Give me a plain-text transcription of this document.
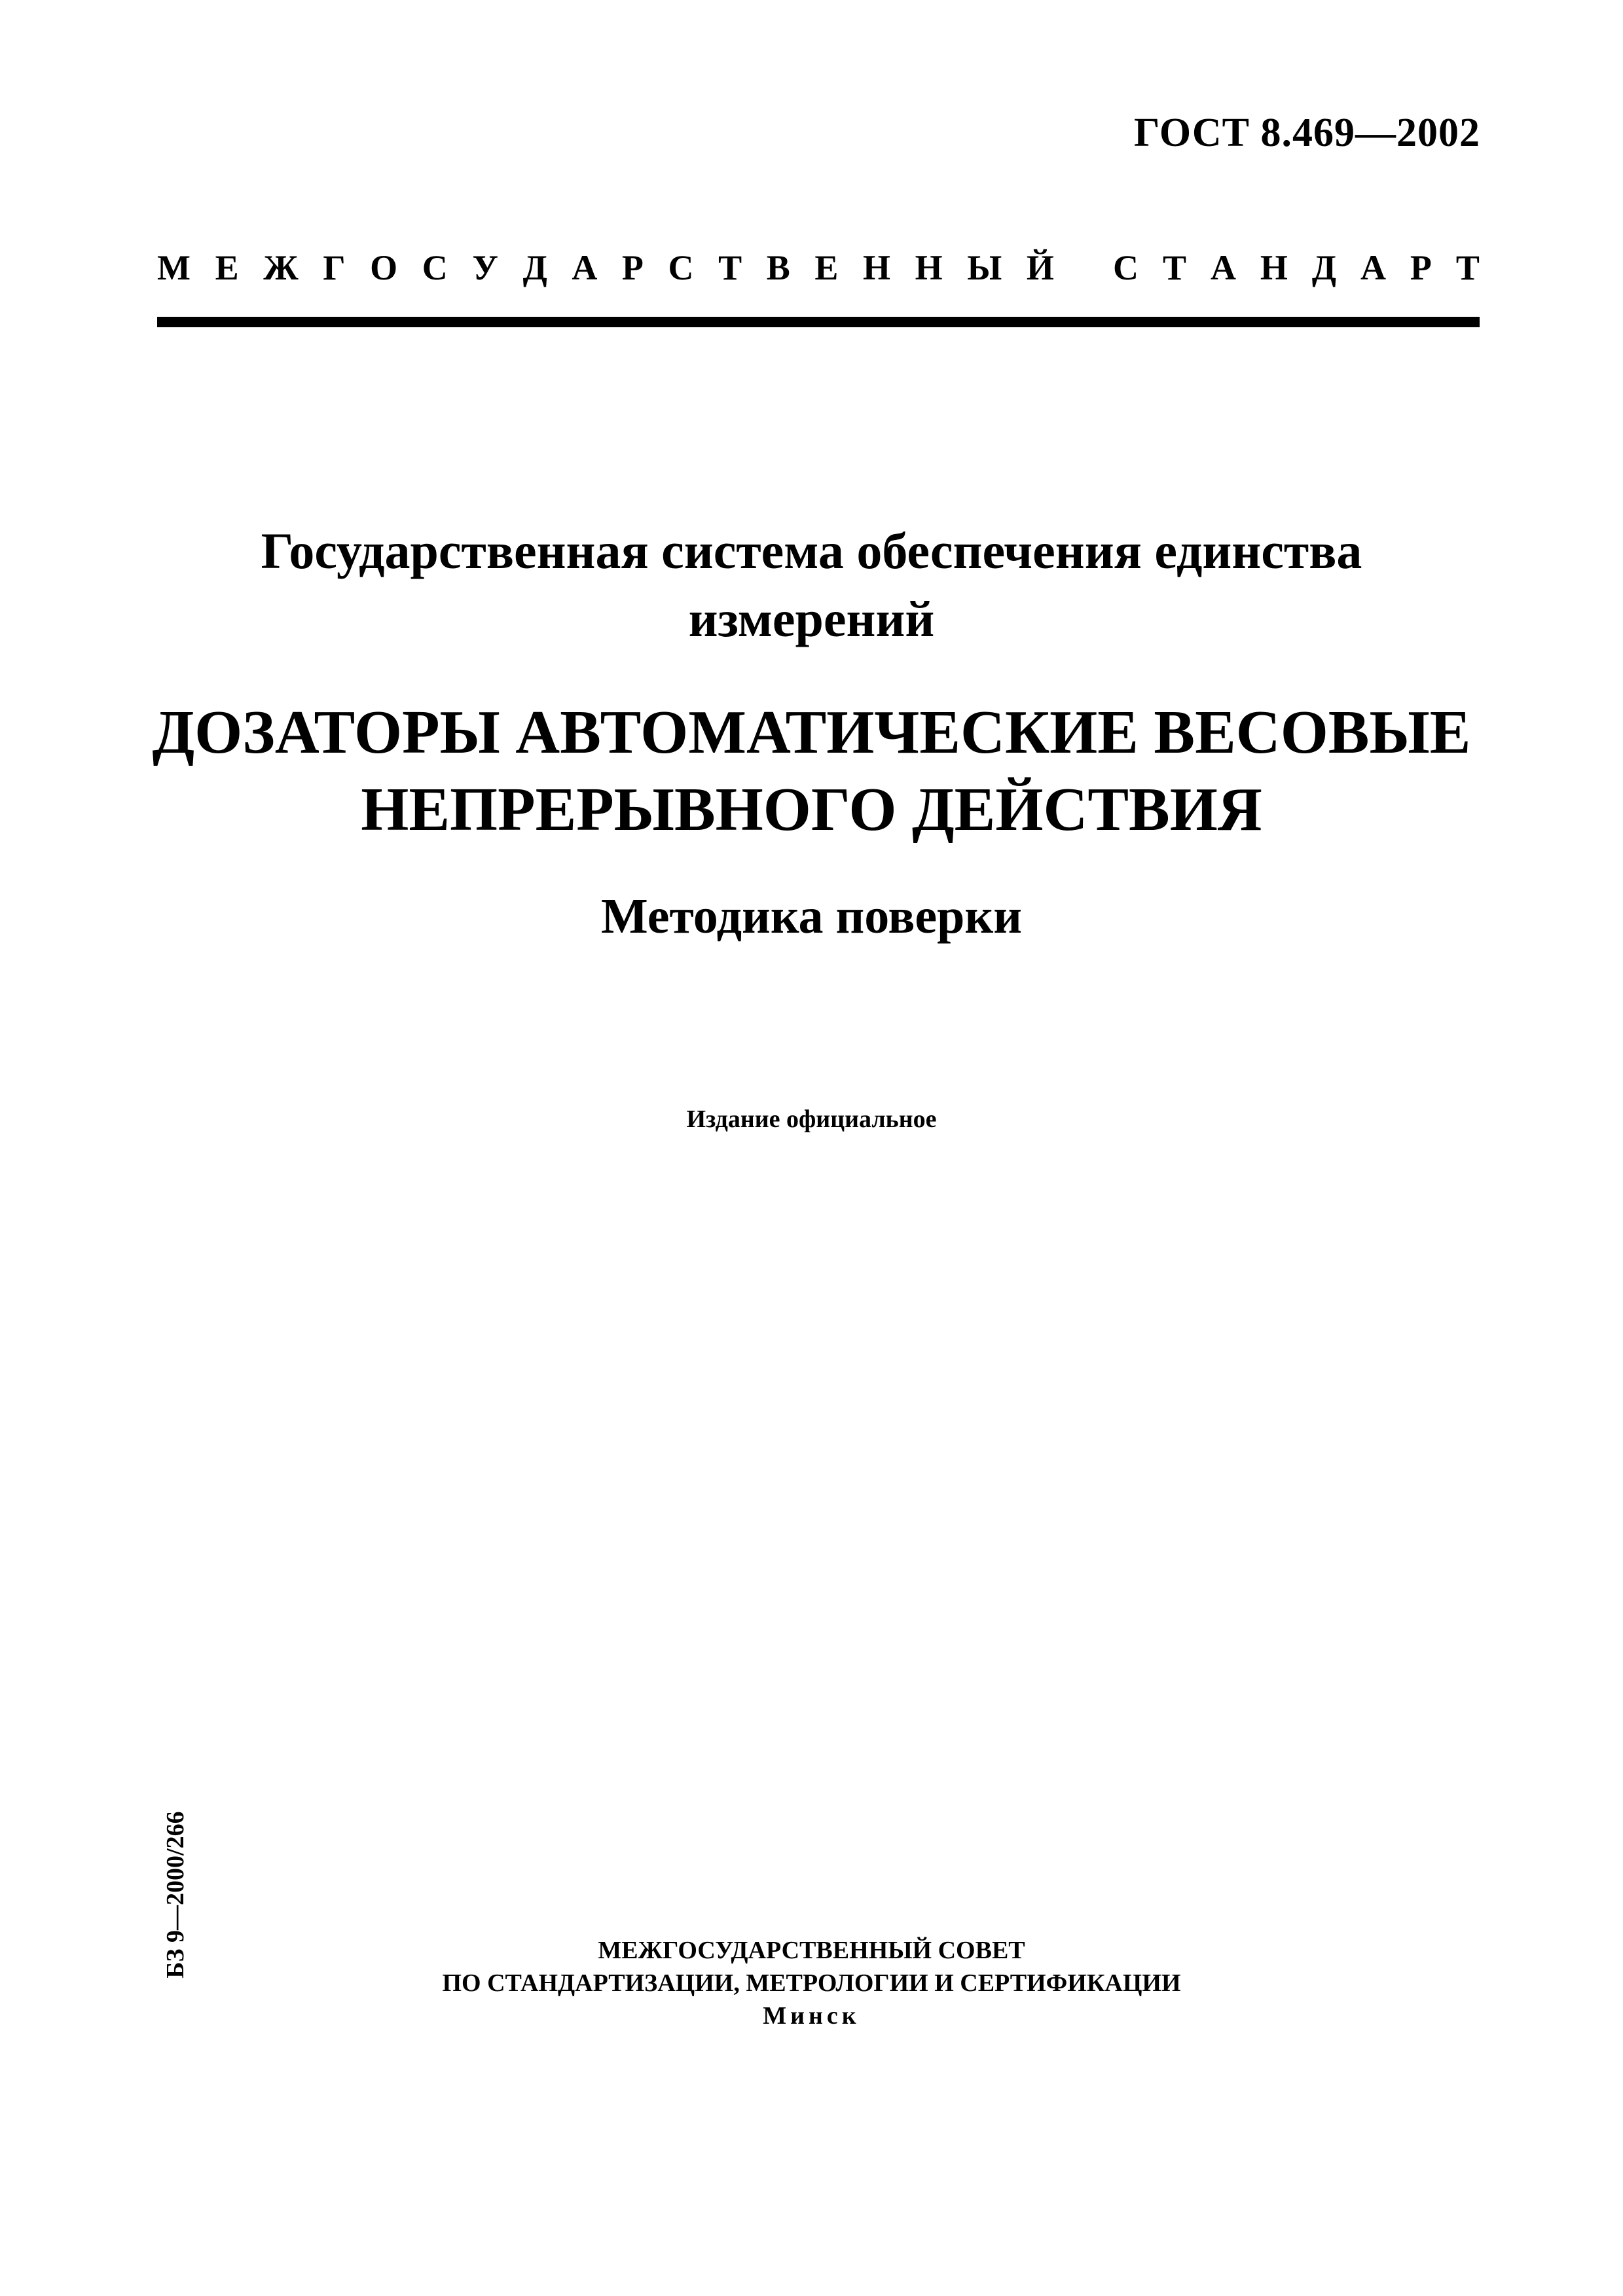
ГОСТ 8.469—2002
М Е Ж Г О С У Д А Р С Т В Е Н Н Ы Й С Т А Н Д А Р Т
Государственная система обеспечения единства
измерений
ДОЗАТОРЫ АВТОМАТИЧЕСКИЕ ВЕСОВЫЕ
НЕПРЕРЫВНОГО ДЕЙСТВИЯ
Методика поверки
Издание официальное
БЗ 9—2000/266	МЕЖГОСУДАРСТВЕННЫЙ СОВЕТ
ПО СТАНДАРТИЗАЦИИ, МЕТРОЛОГИИ И СЕРТИФИКАЦИИ
Минск
